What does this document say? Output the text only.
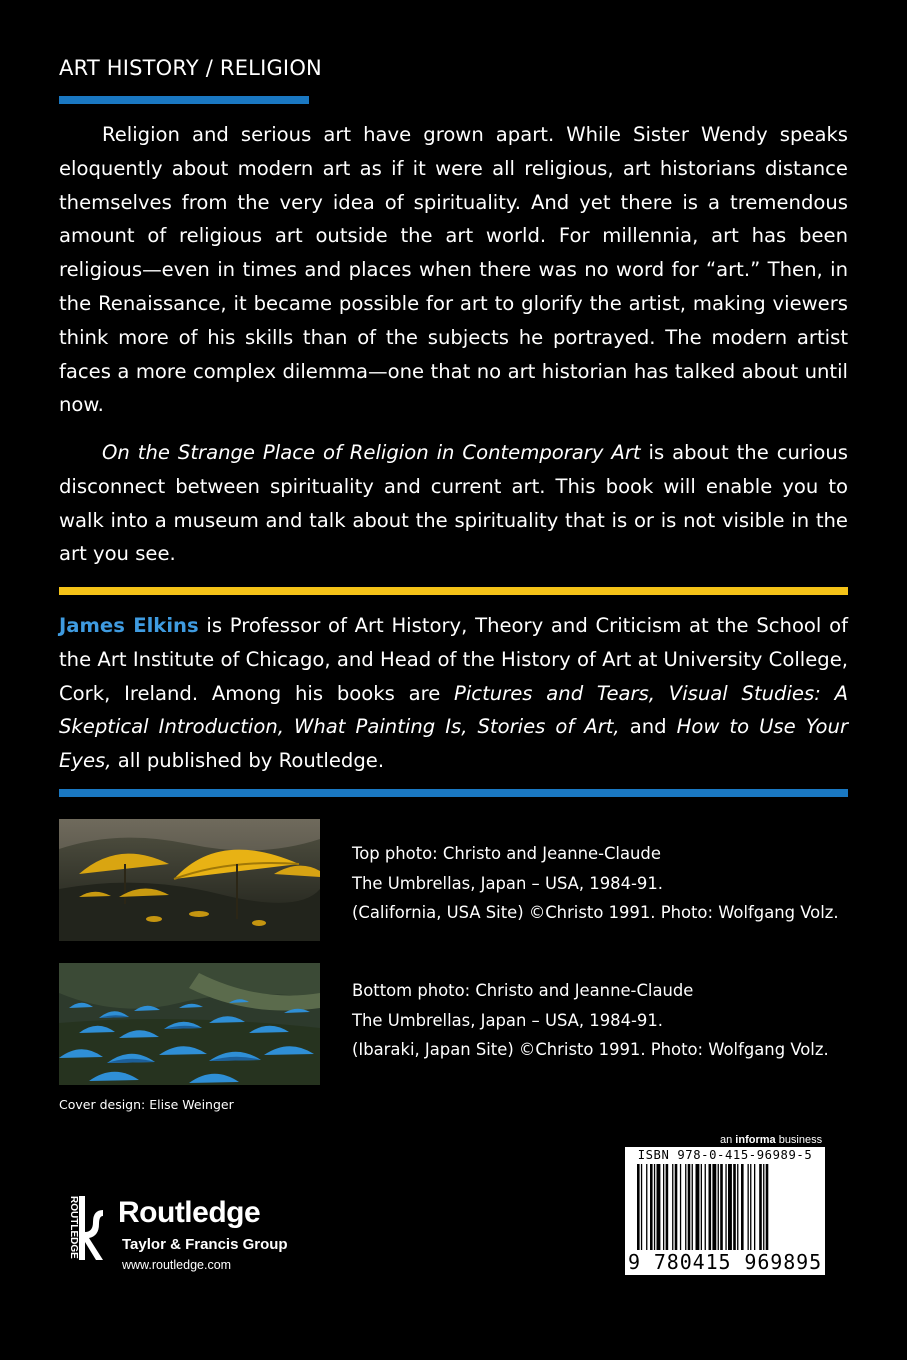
ART HISTORY / RELIGION

Religion and serious art have grown apart. While Sister Wendy speaks eloquently about modern art as if it were all religious, art historians distance themselves from the very idea of spirituality. And yet there is a tremendous amount of religious art outside the art world. For millennia, art has been religious—even in times and places when there was no word for “art.” Then, in the Renaissance, it became possible for art to glorify the artist, making viewers think more of his skills than of the subjects he portrayed. The modern artist faces a more complex dilemma—one that no art historian has talked about until now.

On the Strange Place of Religion in Contemporary Art is about the curious disconnect between spirituality and current art. This book will enable you to walk into a museum and talk about the spirituality that is or is not visible in the art you see.

James Elkins is Professor of Art History, Theory and Criticism at the School of the Art Institute of Chicago, and Head of the History of Art at University College, Cork, Ireland. Among his books are Pictures and Tears, Visual Studies: A Skeptical Introduction, What Painting Is, Stories of Art, and How to Use Your Eyes, all published by Routledge.

Top photo: Christo and Jeanne-Claude
The Umbrellas, Japan – USA, 1984-91.
(California, USA Site) ©Christo 1991. Photo: Wolfgang Volz.
Bottom photo: Christo and Jeanne-Claude
The Umbrellas, Japan – USA, 1984-91.
(Ibaraki, Japan Site) ©Christo 1991. Photo: Wolfgang Volz.
Cover design: Elise Weinger
ROUTLEDGE Routledge
Taylor & Francis Group
www.routledge.com
an informa business
ISBN 978-0-415-96989-5
9 780415 969895
